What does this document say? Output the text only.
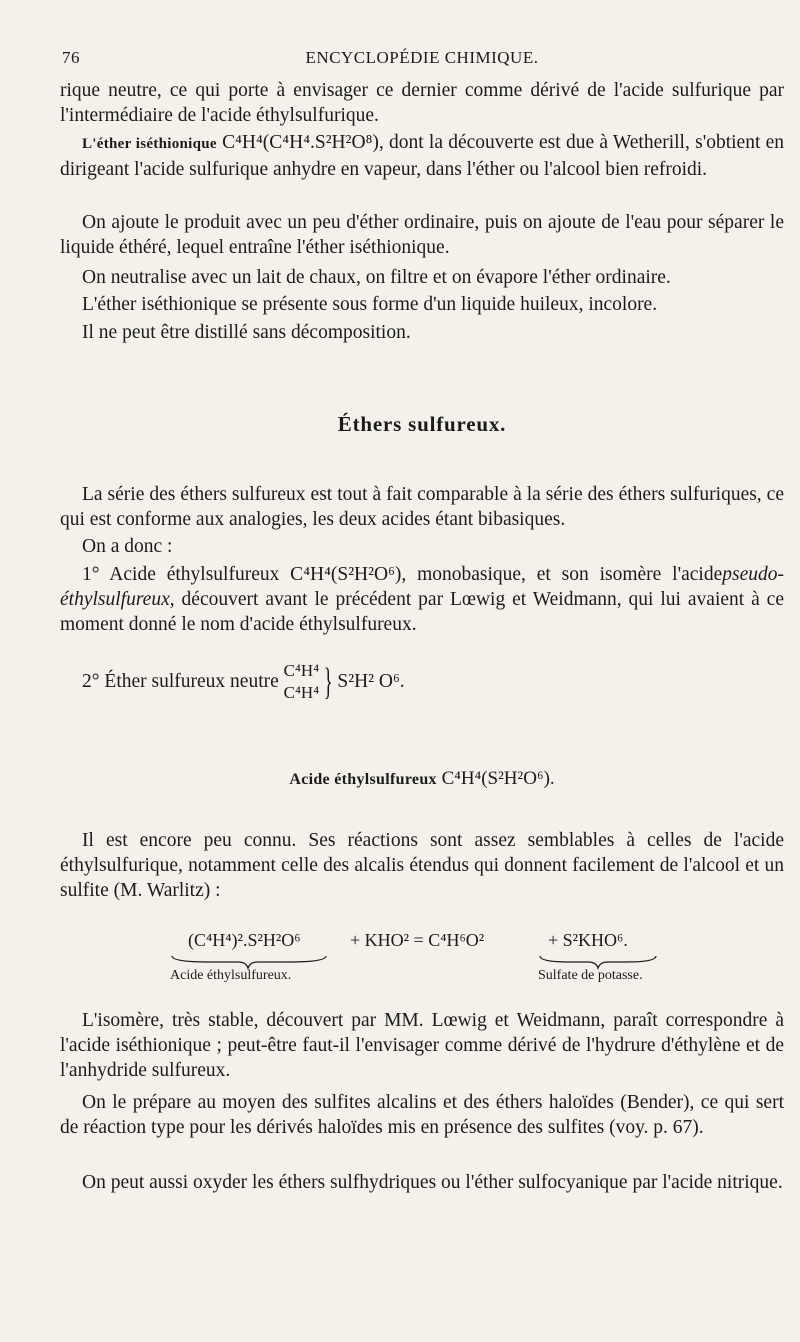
76	ENCYCLOPÉDIE CHIMIQUE.

rique neutre, ce qui porte à envisager ce dernier comme dérivé de l'acide sulfurique par l'intermédiaire de l'acide éthylsulfurique.

L'éther iséthionique C⁴H⁴(C⁴H⁴.S²H²O⁸), dont la découverte est due à Wetherill, s'obtient en dirigeant l'acide sulfurique anhydre en vapeur, dans l'éther ou l'alcool bien refroidi.

On ajoute le produit avec un peu d'éther ordinaire, puis on ajoute de l'eau pour séparer le liquide éthéré, lequel entraîne l'éther iséthionique.

On neutralise avec un lait de chaux, on filtre et on évapore l'éther ordinaire.

L'éther iséthionique se présente sous forme d'un liquide huileux, incolore.

Il ne peut être distillé sans décomposition.

Éthers sulfureux.

La série des éthers sulfureux est tout à fait comparable à la série des éthers sulfuriques, ce qui est conforme aux analogies, les deux acides étant bibasiques.

On a donc :

1° Acide éthylsulfureux C⁴H⁴(S²H²O⁶), monobasique, et son isomère l'acidepseudo-éthylsulfureux, découvert avant le précédent par Lœwig et Weidmann, qui lui avaient à ce moment donné le nom d'acide éthylsulfureux.

2° Éther sulfureux neutre C⁴H⁴
C⁴H⁴ } S²H² O⁶.
Acide éthylsulfureux C⁴H⁴(S²H²O⁶).

Il est encore peu connu. Ses réactions sont assez semblables à celles de l'acide éthylsulfurique, notamment celle des alcalis étendus qui donnent facilement de l'alcool et un sulfite (M. Warlitz) :

(C⁴H⁴)².S²H²O⁶	+ KHO² = C⁴H⁶O²	+ S²KHO⁶.
Acide éthylsulfureux.	Sulfate de potasse.

L'isomère, très stable, découvert par MM. Lœwig et Weidmann, paraît correspondre à l'acide iséthionique ; peut-être faut-il l'envisager comme dérivé de l'hydrure d'éthylène et de l'anhydride sulfureux.

On le prépare au moyen des sulfites alcalins et des éthers haloïdes (Bender), ce qui sert de réaction type pour les dérivés haloïdes mis en présence des sulfites (voy. p. 67).

On peut aussi oxyder les éthers sulfhydriques ou l'éther sulfocyanique par l'acide nitrique.
